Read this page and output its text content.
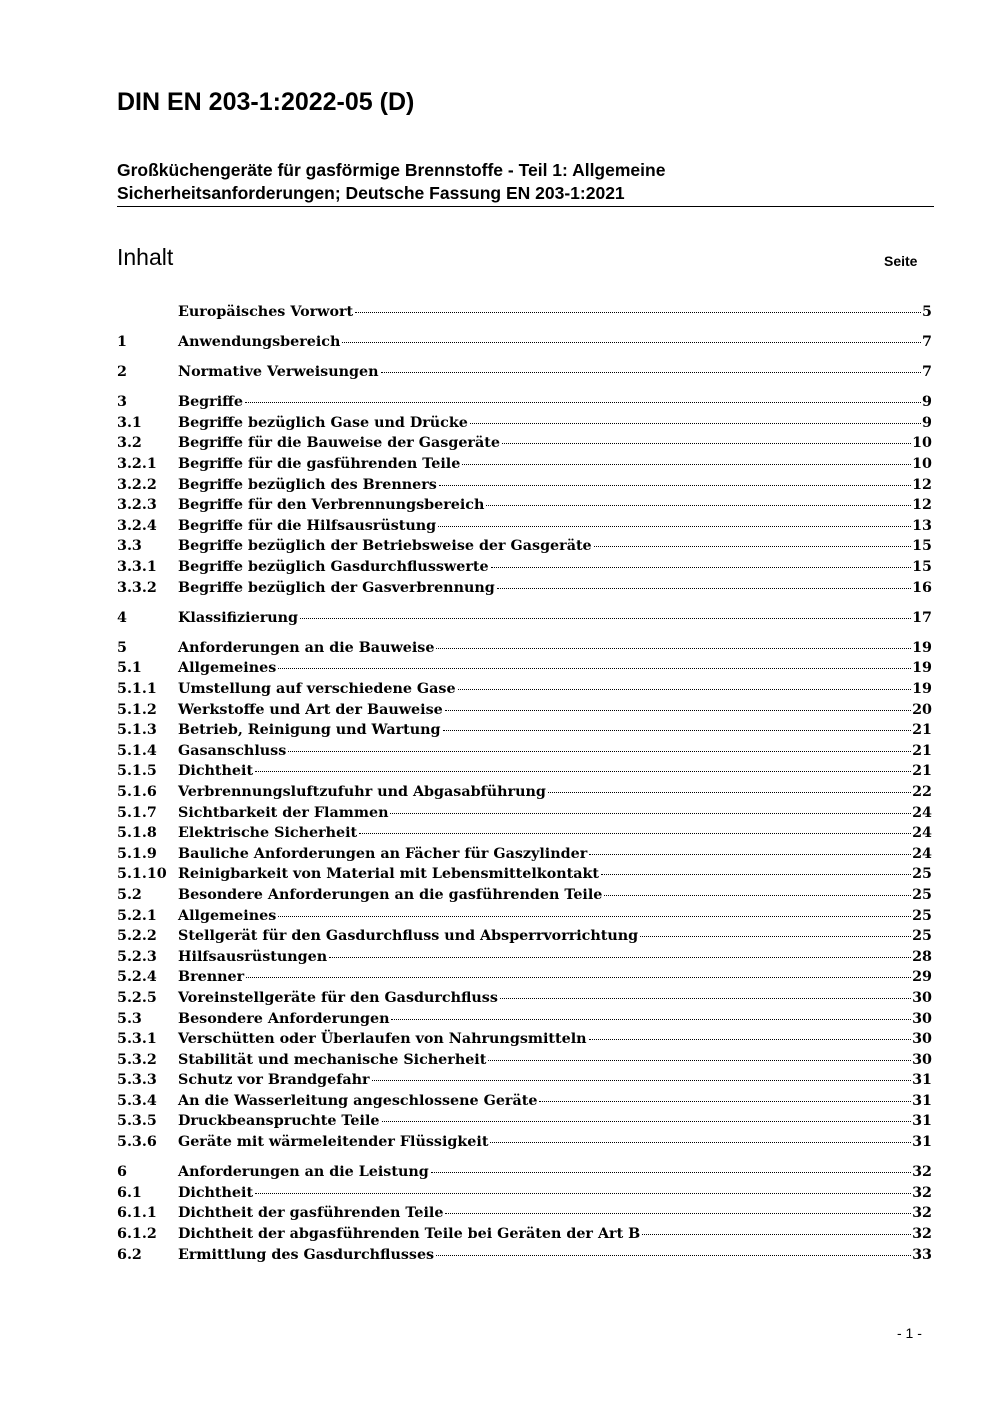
DIN EN 203-1:2022-05 (D)
Großküchengeräte für gasförmige Brennstoffe - Teil 1: Allgemeine
Sicherheitsanforderungen; Deutsche Fassung EN 203-1:2021
Inhalt	Seite
Europäisches Vorwort	5
1	Anwendungsbereich	7
2	Normative Verweisungen	7
3	Begriffe	9
3.1	Begriffe bezüglich Gase und Drücke	9
3.2	Begriffe für die Bauweise der Gasgeräte	10
3.2.1	Begriffe für die gasführenden Teile	10
3.2.2	Begriffe bezüglich des Brenners	12
3.2.3	Begriffe für den Verbrennungsbereich	12
3.2.4	Begriffe für die Hilfsausrüstung	13
3.3	Begriffe bezüglich der Betriebsweise der Gasgeräte	15
3.3.1	Begriffe bezüglich Gasdurchflusswerte	15
3.3.2	Begriffe bezüglich der Gasverbrennung	16
4	Klassifizierung	17
5	Anforderungen an die Bauweise	19
5.1	Allgemeines	19
5.1.1	Umstellung auf verschiedene Gase	19
5.1.2	Werkstoffe und Art der Bauweise	20
5.1.3	Betrieb, Reinigung und Wartung	21
5.1.4	Gasanschluss	21
5.1.5	Dichtheit	21
5.1.6	Verbrennungsluftzufuhr und Abgasabführung	22
5.1.7	Sichtbarkeit der Flammen	24
5.1.8	Elektrische Sicherheit	24
5.1.9	Bauliche Anforderungen an Fächer für Gaszylinder	24
5.1.10 Reinigbarkeit von Material mit Lebensmittelkontakt	25
5.2	Besondere Anforderungen an die gasführenden Teile	25
5.2.1	Allgemeines	25
5.2.2	Stellgerät für den Gasdurchfluss und Absperrvorrichtung	25
5.2.3	Hilfsausrüstungen	28
5.2.4	Brenner	29
5.2.5	Voreinstellgeräte für den Gasdurchfluss	30
5.3	Besondere Anforderungen	30
5.3.1	Verschütten oder Überlaufen von Nahrungsmitteln	30
5.3.2	Stabilität und mechanische Sicherheit	30
5.3.3	Schutz vor Brandgefahr	31
5.3.4	An die Wasserleitung angeschlossene Geräte	31
5.3.5	Druckbeanspruchte Teile	31
5.3.6	Geräte mit wärmeleitender Flüssigkeit	31
6	Anforderungen an die Leistung	32
6.1	Dichtheit	32
6.1.1	Dichtheit der gasführenden Teile	32
6.1.2	Dichtheit der abgasführenden Teile bei Geräten der Art B	32
6.2	Ermittlung des Gasdurchflusses	33
- 1 -
